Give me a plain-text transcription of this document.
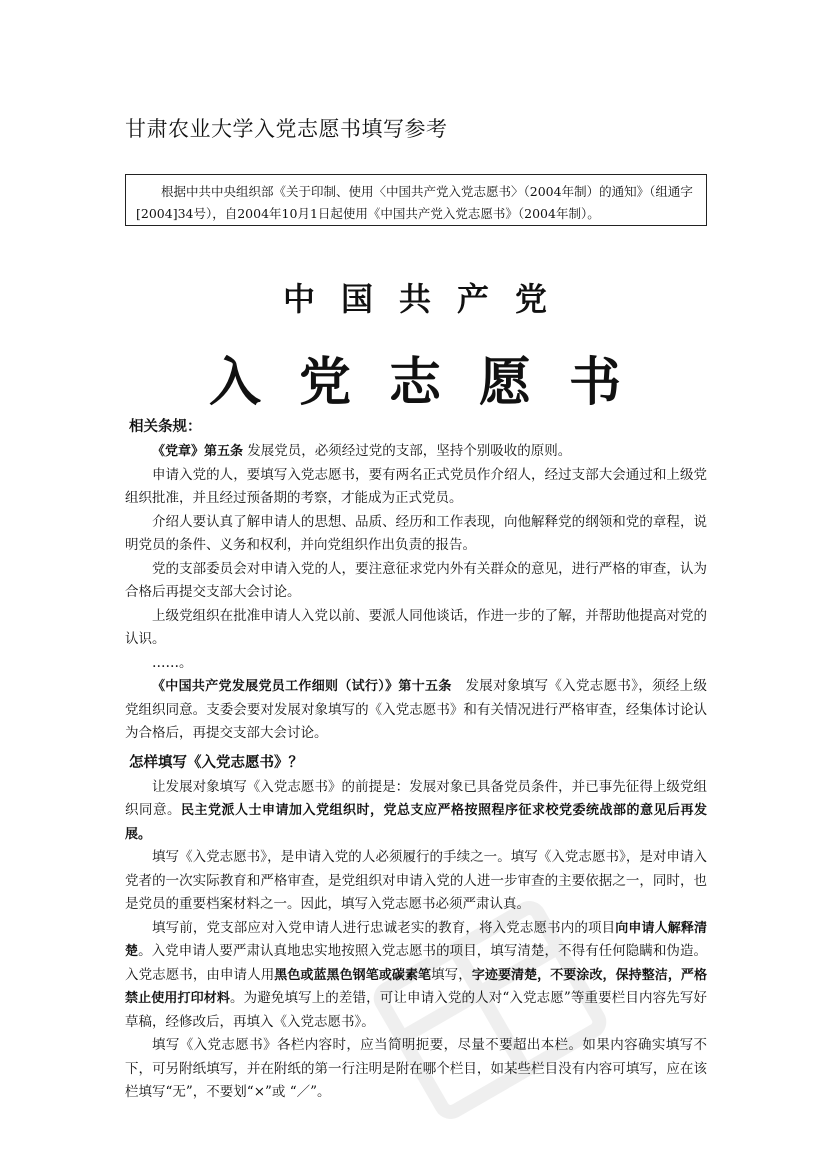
甘肃农业大学入党志愿书填写参考

根据中共中央组织部《关于印制、使用〈中国共产党入党志愿书〉（2004年制）的通知》（组通字[2004]34号），自2004年10月1日起使用《中国共产党入党志愿书》（2004年制）。

中国共产党
入党志愿书
相关条规：

《党章》第五条 发展党员，必须经过党的支部，坚持个别吸收的原则。

申请入党的人，要填写入党志愿书，要有两名正式党员作介绍人，经过支部大会通过和上级党组织批准，并且经过预备期的考察，才能成为正式党员。

介绍人要认真了解申请人的思想、品质、经历和工作表现，向他解释党的纲领和党的章程，说明党员的条件、义务和权利，并向党组织作出负责的报告。

党的支部委员会对申请入党的人，要注意征求党内外有关群众的意见，进行严格的审查，认为合格后再提交支部大会讨论。

上级党组织在批准申请人入党以前、要派人同他谈话，作进一步的了解，并帮助他提高对党的认识。

……。

《中国共产党发展党员工作细则（试行）》第十五条　发展对象填写《入党志愿书》，须经上级党组织同意。支委会要对发展对象填写的《入党志愿书》和有关情况进行严格审查，经集体讨论认为合格后，再提交支部大会讨论。

怎样填写《入党志愿书》？

让发展对象填写《入党志愿书》的前提是：发展对象已具备党员条件，并已事先征得上级党组织同意。民主党派人士申请加入党组织时，党总支应严格按照程序征求校党委统战部的意见后再发展。

填写《入党志愿书》，是申请入党的人必须履行的手续之一。填写《入党志愿书》，是对申请入党者的一次实际教育和严格审查，是党组织对申请入党的人进一步审查的主要依据之一，同时，也是党员的重要档案材料之一。因此，填写入党志愿书必须严肃认真。

填写前，党支部应对入党申请人进行忠诚老实的教育，将入党志愿书内的项目向申请人解释清楚。入党申请人要严肃认真地忠实地按照入党志愿书的项目，填写清楚，不得有任何隐瞒和伪造。入党志愿书，由申请人用黑色或蓝黑色钢笔或碳素笔填写，字迹要清楚，不要涂改，保持整洁，严格禁止使用打印材料。为避免填写上的差错，可让申请入党的人对“入党志愿”等重要栏目内容先写好草稿，经修改后，再填入《入党志愿书》。

填写《入党志愿书》各栏内容时，应当简明扼要，尽量不要超出本栏。如果内容确实填写不下，可另附纸填写，并在附纸的第一行注明是附在哪个栏目，如某些栏目没有内容可填写，应在该栏填写“无”，不要划“×”或 “／”。
